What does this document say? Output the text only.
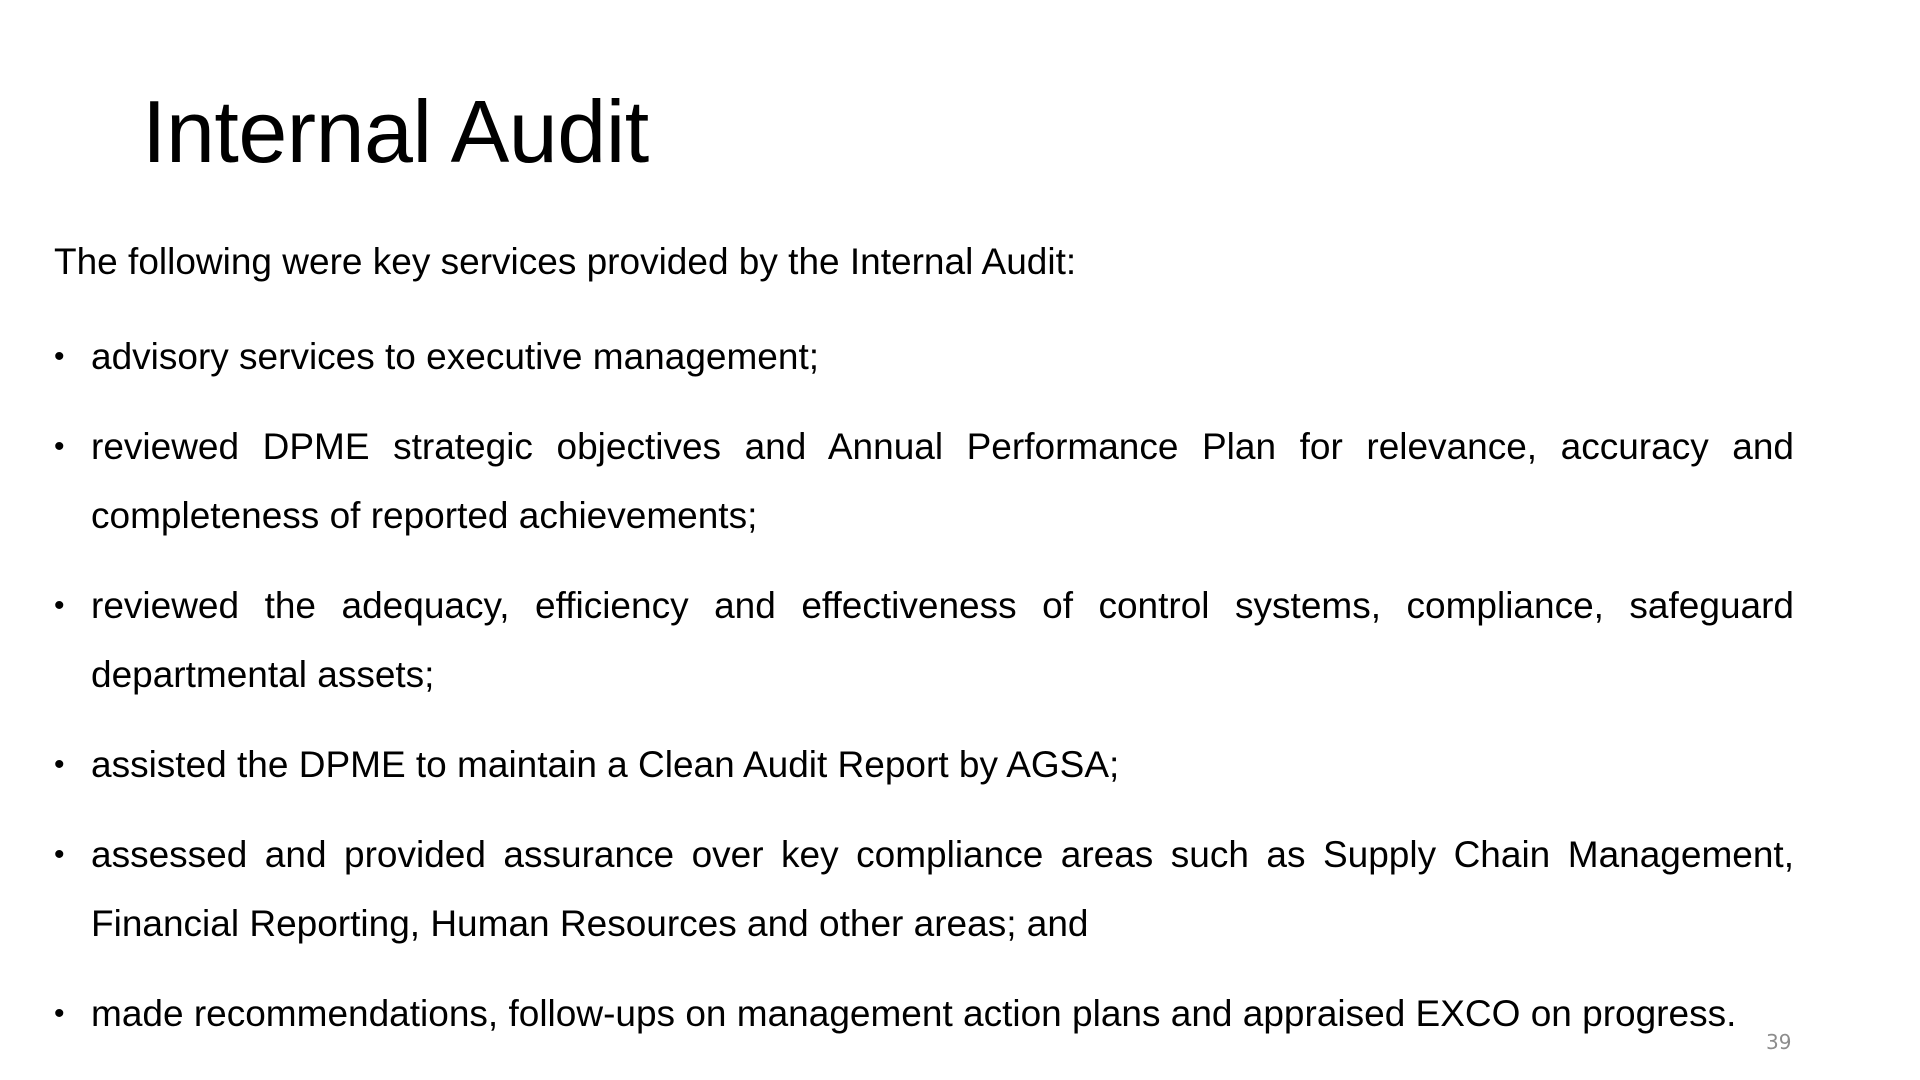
Internal Audit

The following were key services provided by the Internal Audit:

• advisory services to executive management;
• reviewed DPME strategic objectives and Annual Performance Plan for relevance, accuracy and completeness of reported achievements;
• reviewed the adequacy, efficiency and effectiveness of control systems, compliance, safeguard departmental assets;
• assisted the DPME to maintain a Clean Audit Report by AGSA;
• assessed and provided assurance over key compliance areas such as Supply Chain Management, Financial Reporting, Human Resources and other areas; and
• made recommendations, follow-ups on management action plans and appraised EXCO on progress.
39
